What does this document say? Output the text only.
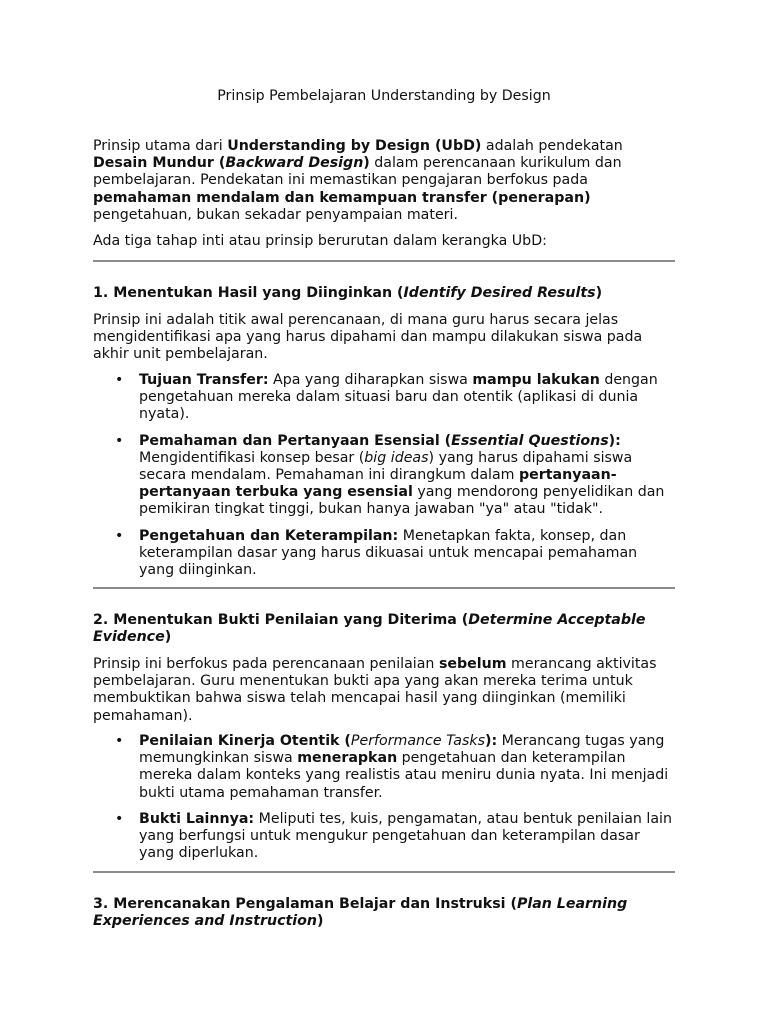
Prinsip Pembelajaran Understanding by Design

Prinsip utama dari Understanding by Design (UbD) adalah pendekatan Desain Mundur (Backward Design) dalam perencanaan kurikulum dan pembelajaran. Pendekatan ini memastikan pengajaran berfokus pada pemahaman mendalam dan kemampuan transfer (penerapan) pengetahuan, bukan sekadar penyampaian materi.

Ada tiga tahap inti atau prinsip berurutan dalam kerangka UbD:

1. Menentukan Hasil yang Diinginkan (Identify Desired Results)

Prinsip ini adalah titik awal perencanaan, di mana guru harus secara jelas mengidentifikasi apa yang harus dipahami dan mampu dilakukan siswa pada akhir unit pembelajaran.

• Tujuan Transfer: Apa yang diharapkan siswa mampu lakukan dengan pengetahuan mereka dalam situasi baru dan otentik (aplikasi di dunia nyata).
• Pemahaman dan Pertanyaan Esensial (Essential Questions): Mengidentifikasi konsep besar (big ideas) yang harus dipahami siswa secara mendalam. Pemahaman ini dirangkum dalam pertanyaan-pertanyaan terbuka yang esensial yang mendorong penyelidikan dan pemikiran tingkat tinggi, bukan hanya jawaban "ya" atau "tidak".
• Pengetahuan dan Keterampilan: Menetapkan fakta, konsep, dan keterampilan dasar yang harus dikuasai untuk mencapai pemahaman yang diinginkan.
2. Menentukan Bukti Penilaian yang Diterima (Determine Acceptable Evidence)

Prinsip ini berfokus pada perencanaan penilaian sebelum merancang aktivitas pembelajaran. Guru menentukan bukti apa yang akan mereka terima untuk membuktikan bahwa siswa telah mencapai hasil yang diinginkan (memiliki pemahaman).

• Penilaian Kinerja Otentik (Performance Tasks): Merancang tugas yang memungkinkan siswa menerapkan pengetahuan dan keterampilan mereka dalam konteks yang realistis atau meniru dunia nyata. Ini menjadi bukti utama pemahaman transfer.
• Bukti Lainnya: Meliputi tes, kuis, pengamatan, atau bentuk penilaian lain yang berfungsi untuk mengukur pengetahuan dan keterampilan dasar yang diperlukan.
3. Merencanakan Pengalaman Belajar dan Instruksi (Plan Learning Experiences and Instruction)
